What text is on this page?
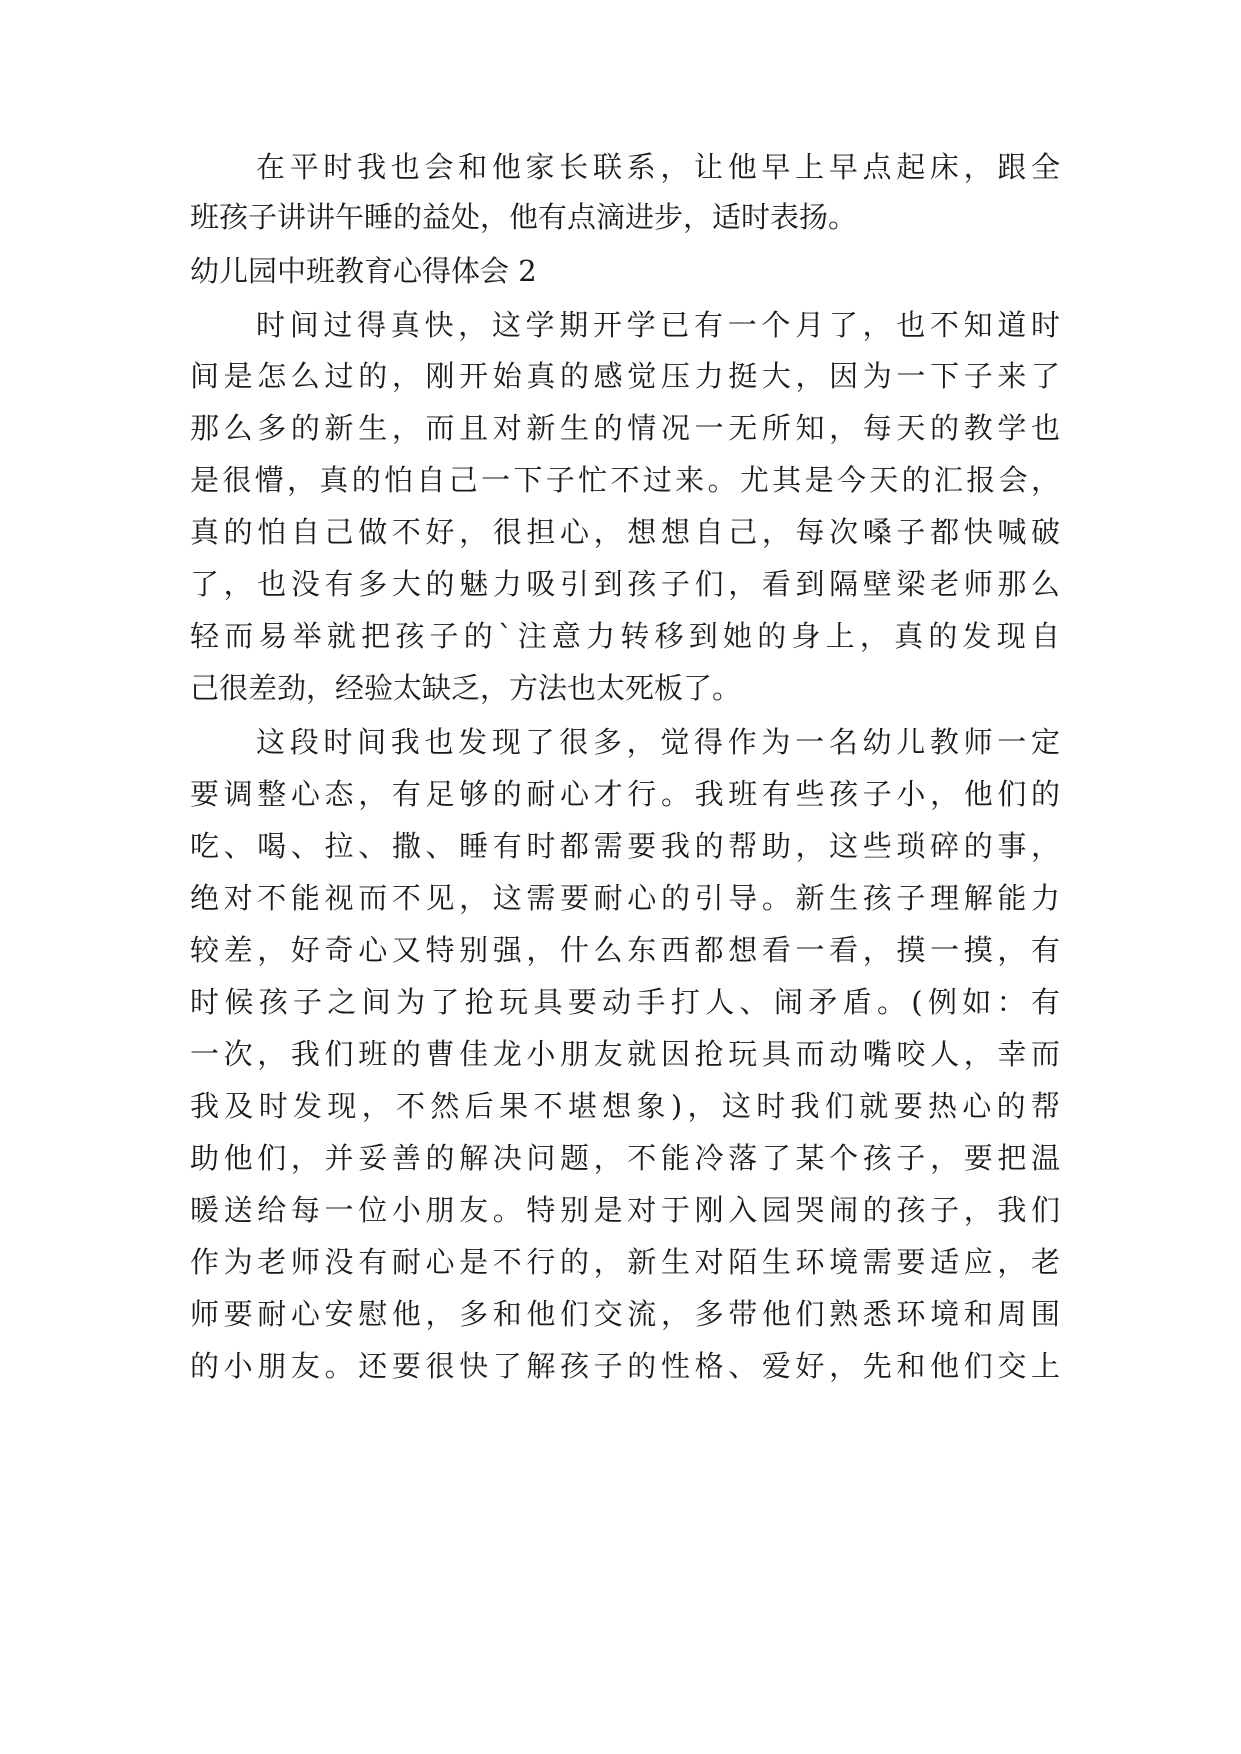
在平时我也会和他家长联系，让他早上早点起床，跟全

班孩子讲讲午睡的益处，他有点滴进步，适时表扬。

幼儿园中班教育心得体会 2

时间过得真快，这学期开学已有一个月了，也不知道时

间是怎么过的，刚开始真的感觉压力挺大，因为一下子来了

那么多的新生，而且对新生的情况一无所知，每天的教学也

是很懵，真的怕自己一下子忙不过来。尤其是今天的汇报会，

真的怕自己做不好，很担心，想想自己，每次嗓子都快喊破

了，也没有多大的魅力吸引到孩子们，看到隔壁梁老师那么

轻而易举就把孩子的`注意力转移到她的身上，真的发现自

己很差劲，经验太缺乏，方法也太死板了。

这段时间我也发现了很多，觉得作为一名幼儿教师一定

要调整心态，有足够的耐心才行。我班有些孩子小，他们的

吃、喝、拉、撒、睡有时都需要我的帮助，这些琐碎的事，

绝对不能视而不见，这需要耐心的引导。新生孩子理解能力

较差，好奇心又特别强，什么东西都想看一看，摸一摸，有

时候孩子之间为了抢玩具要动手打人、闹矛盾。(例如：有

一次，我们班的曹佳龙小朋友就因抢玩具而动嘴咬人，幸而

我及时发现，不然后果不堪想象)，这时我们就要热心的帮

助他们，并妥善的解决问题，不能冷落了某个孩子，要把温

暖送给每一位小朋友。特别是对于刚入园哭闹的孩子，我们

作为老师没有耐心是不行的，新生对陌生环境需要适应，老

师要耐心安慰他，多和他们交流，多带他们熟悉环境和周围

的小朋友。还要很快了解孩子的性格、爱好，先和他们交上
